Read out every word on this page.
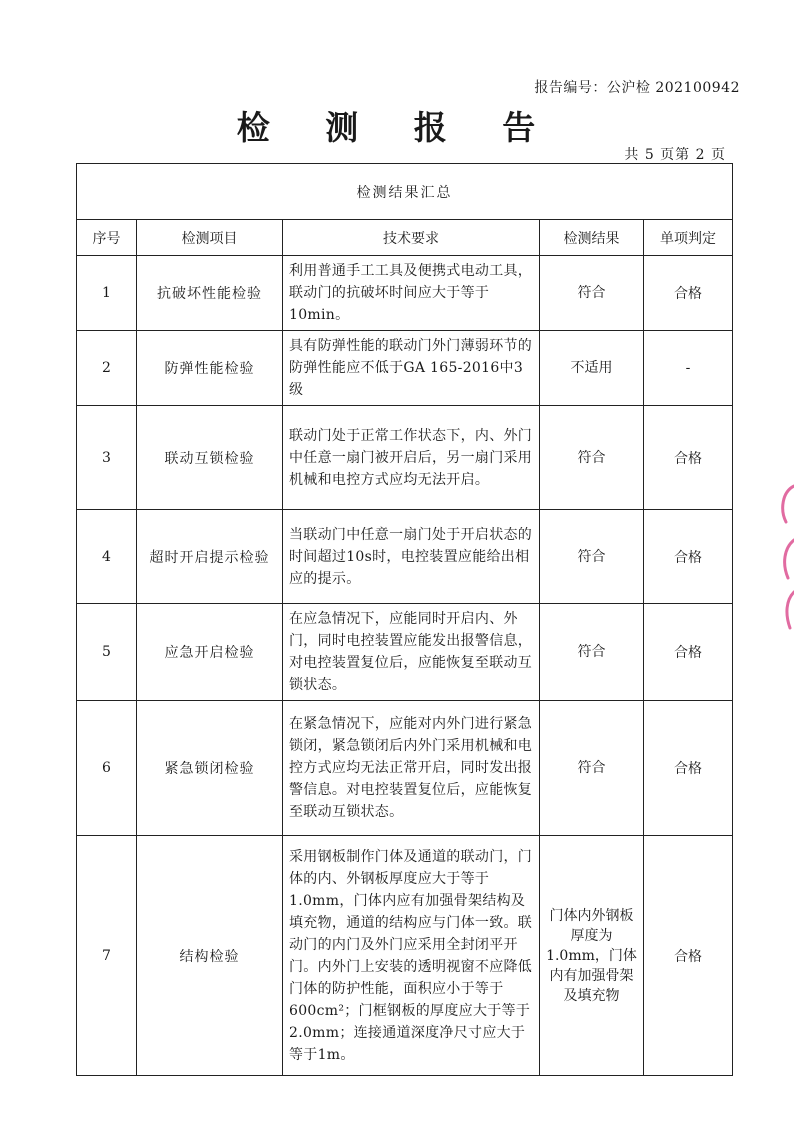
报告编号：公沪检 202100942
检 测 报 告
共 5 页第 2 页
检测结果汇总				
序号	检测项目	技术要求	检测结果	单项判定
1	抗破坏性能检验	利用普通手工工具及便携式电动工具，联动门的抗破坏时间应大于等于10min。	符合	合格
2	防弹性能检验	具有防弹性能的联动门外门薄弱环节的防弹性能应不低于GA 165-2016中3级	不适用	-
3	联动互锁检验	联动门处于正常工作状态下，内、外门中任意一扇门被开启后，另一扇门采用机械和电控方式应均无法开启。	符合	合格
4	超时开启提示检验	当联动门中任意一扇门处于开启状态的时间超过10s时，电控装置应能给出相应的提示。	符合	合格
5	应急开启检验	在应急情况下，应能同时开启内、外门，同时电控装置应能发出报警信息，对电控装置复位后，应能恢复至联动互锁状态。	符合	合格
6	紧急锁闭检验	在紧急情况下，应能对内外门进行紧急锁闭，紧急锁闭后内外门采用机械和电控方式应均无法正常开启，同时发出报警信息。对电控装置复位后，应能恢复至联动互锁状态。	符合	合格
7	结构检验	采用钢板制作门体及通道的联动门，门体的内、外钢板厚度应大于等于1.0mm，门体内应有加强骨架结构及填充物，通道的结构应与门体一致。联动门的内门及外门应采用全封闭平开门。内外门上安装的透明视窗不应降低门体的防护性能，面积应小于等于600cm²；门框钢板的厚度应大于等于2.0mm；连接通道深度净尺寸应大于等于1m。	门体内外钢板厚度为1.0mm，门体内有加强骨架及填充物	合格
